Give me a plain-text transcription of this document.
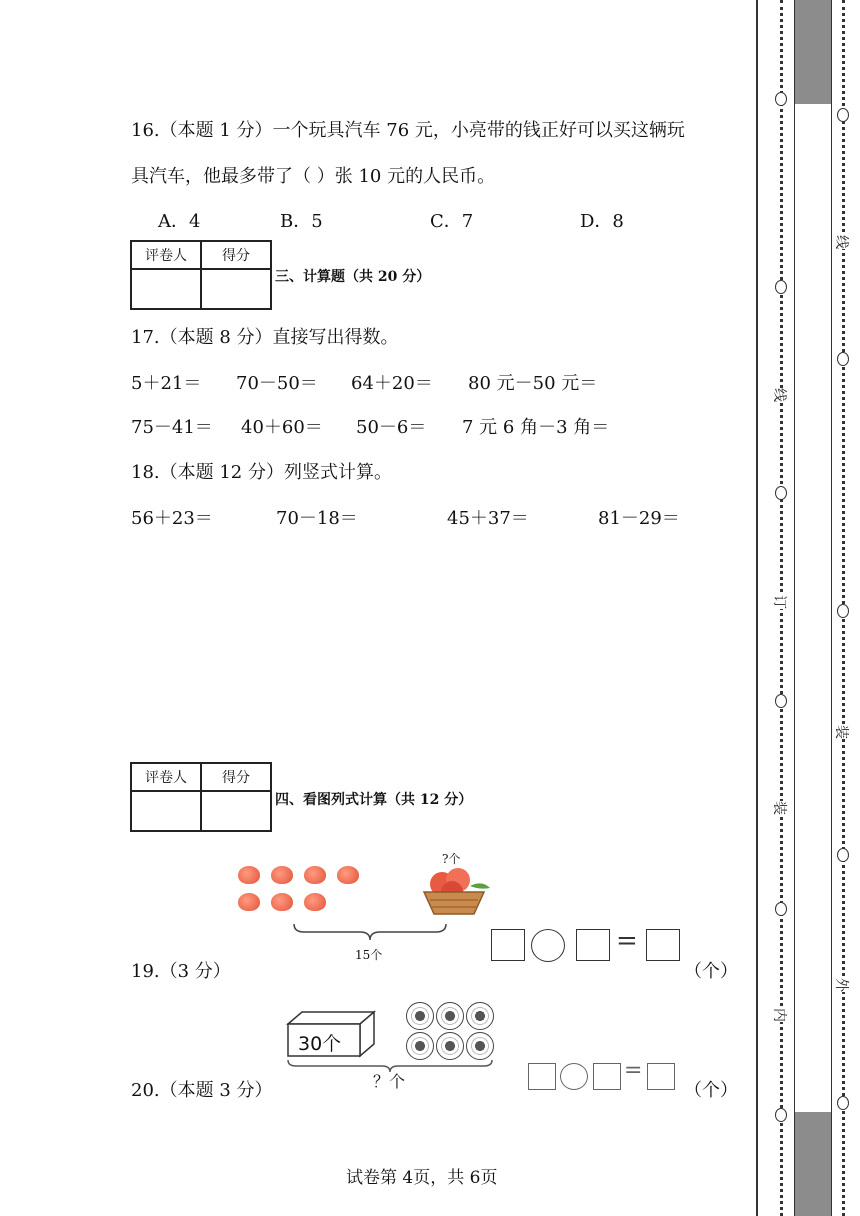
16.（本题 1 分）一个玩具汽车 76 元，小亮带的钱正好可以买这辆玩
具汽车，他最多带了（ ）张 10 元的人民币。
A．4	B．5	C．7	D．8
评卷人	得分

三、计算题（共 20 分）
17.（本题 8 分）直接写出得数。
5＋21＝ 70－50＝ 64＋20＝ 80 元－50 元＝
75－41＝ 40＋60＝ 50－6＝ 7 元 6 角－3 角＝
18.（本题 12 分）列竖式计算。
56＋23＝	70－18＝	45＋37＝	81－29＝
评卷人	得分

四、看图列式计算（共 12 分）
?个
15个
19.（3 分）
=
（个）
30个
？个
20.（本题 3 分）
=
（个）
试卷第 4页，共 6页
线
订
装
内
线
装
外
